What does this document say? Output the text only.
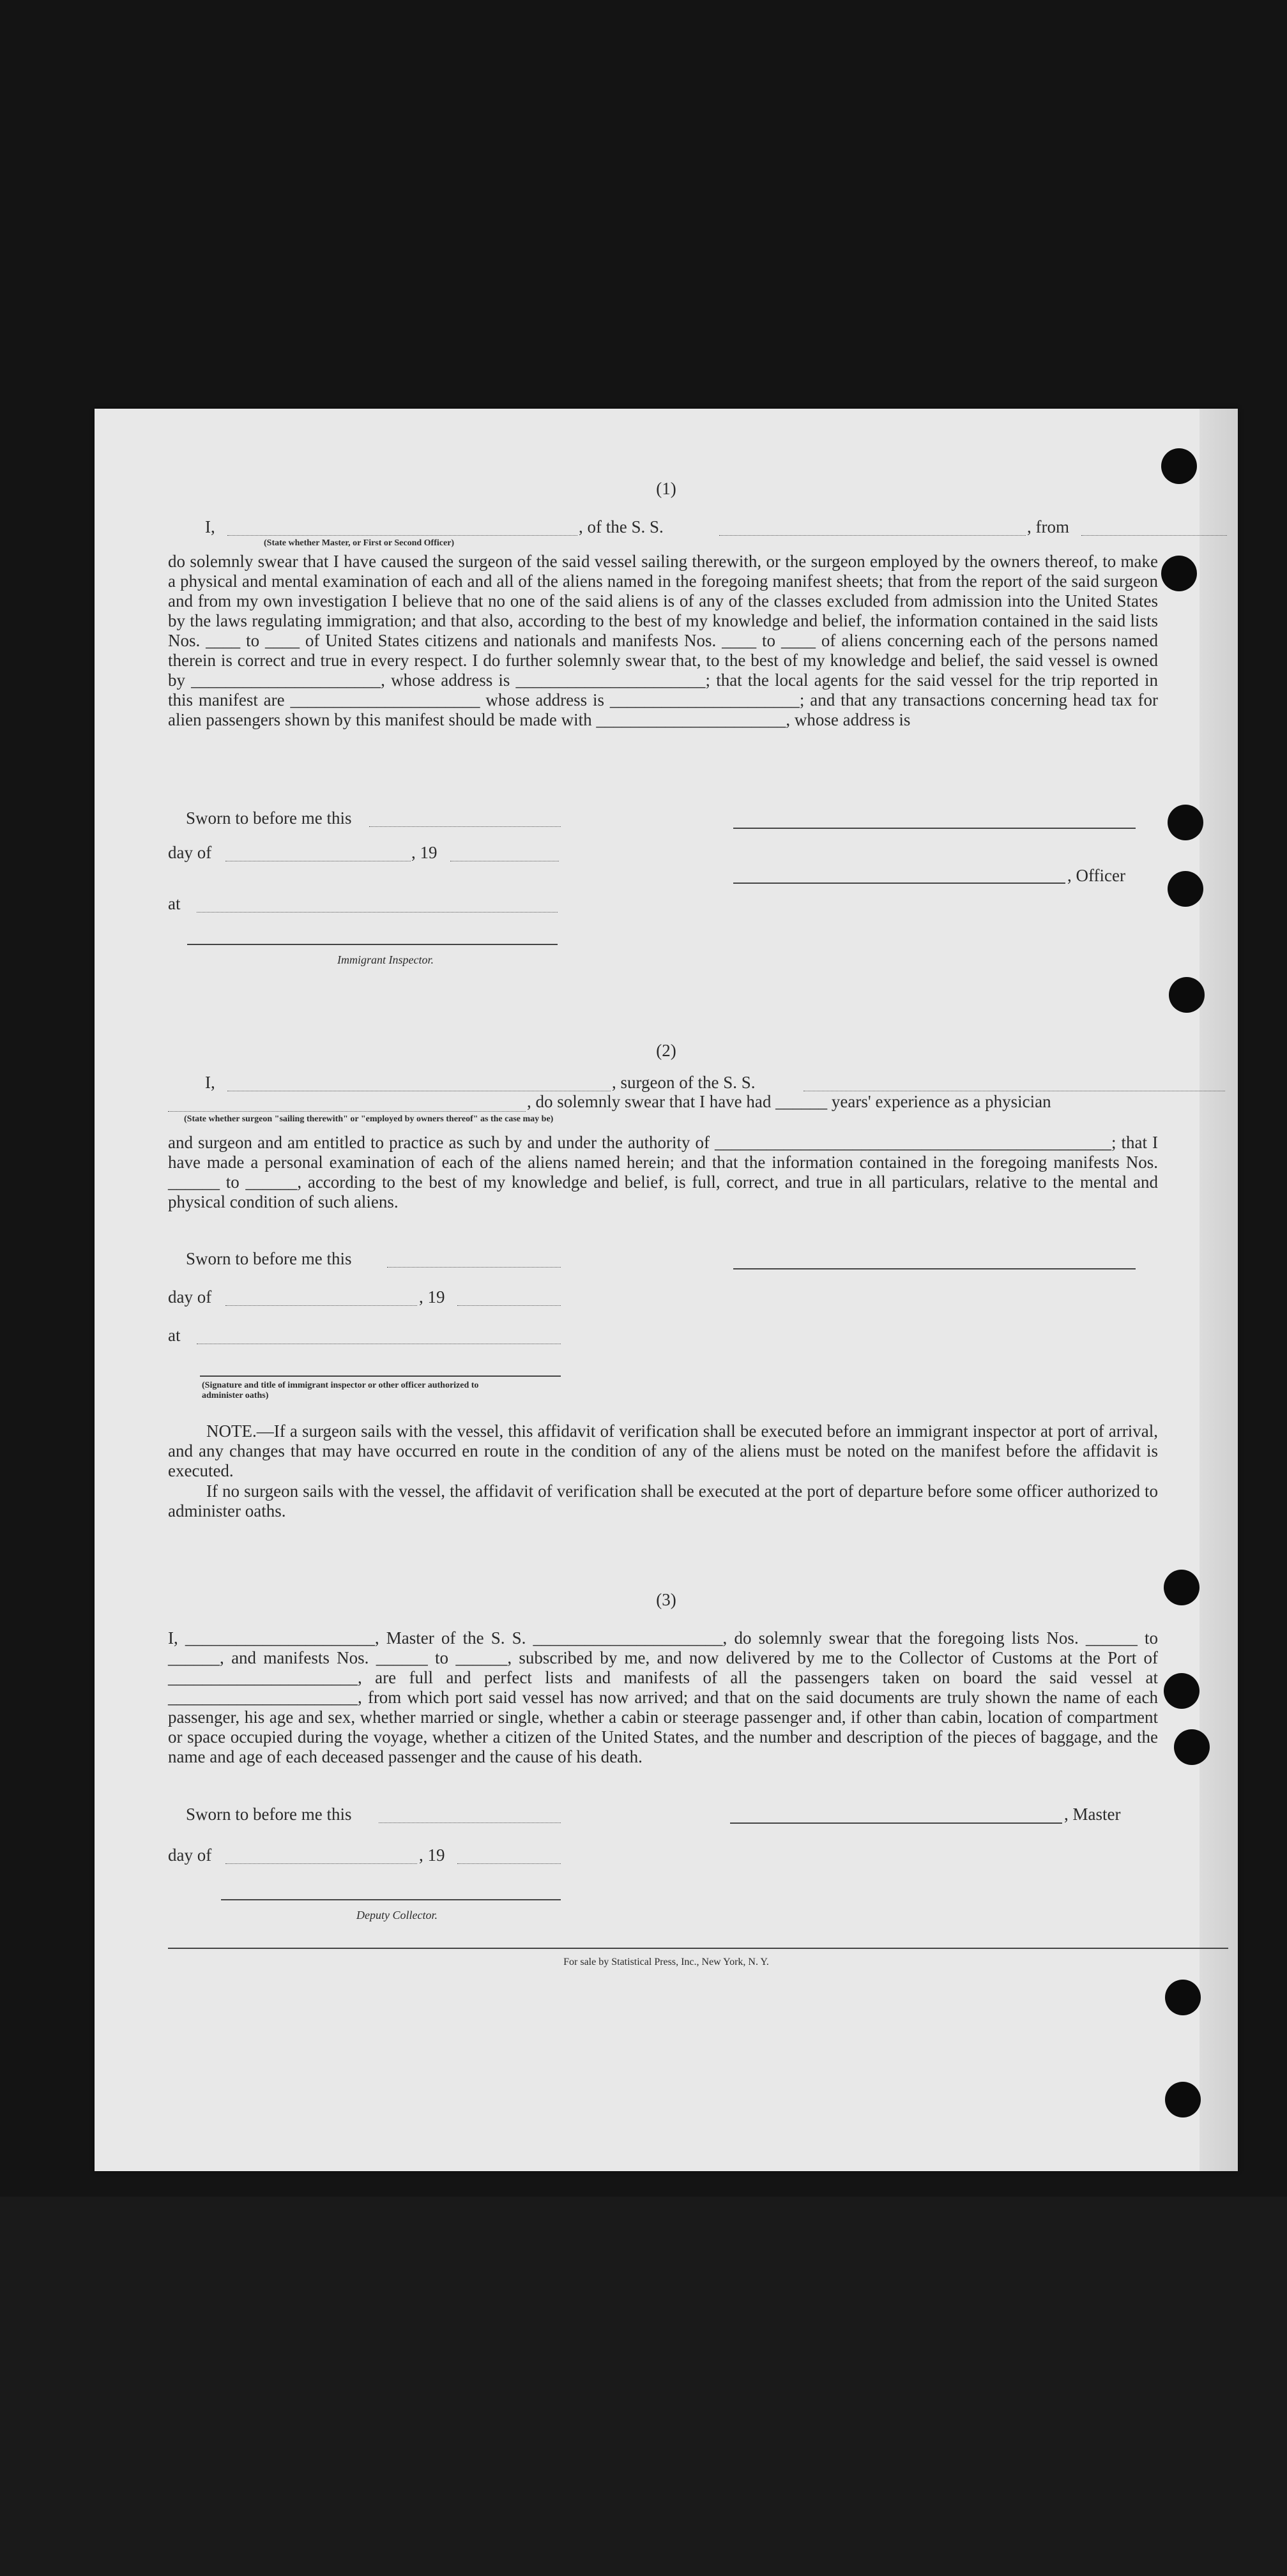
(1)
I,
(State whether Master, or First or Second Officer)
, of the S. S.	, from
do solemnly swear that I have caused the surgeon of the said vessel sailing therewith, or the surgeon employed by the owners thereof, to make a physical and mental examination of each and all of the aliens named in the foregoing manifest sheets; that from the report of the said surgeon and from my own investigation I believe that no one of the said aliens is of any of the classes excluded from admission into the United States by the laws regulating immigration; and that also, according to the best of my knowledge and belief, the information contained in the said lists Nos. ____ to ____ of United States citizens and nationals and manifests Nos. ____ to ____ of aliens concerning each of the persons named therein is correct and true in every respect. I do further solemnly swear that, to the best of my knowledge and belief, the said vessel is owned by ______________________, whose address is ______________________; that the local agents for the said vessel for the trip reported in this manifest are ______________________ whose address is ______________________; and that any transactions concerning head tax for alien passengers shown by this manifest should be made with ______________________, whose address is
Sworn to before me this
day of	, 19
, Officer
at
Immigrant Inspector.
(2)
I,	, surgeon of the S. S.
, do solemnly swear that I have had ______ years' experience as a physician
(State whether surgeon "sailing therewith" or "employed by owners thereof" as the case may be)
and surgeon and am entitled to practice as such by and under the authority of ______________________________________________; that I have made a personal examination of each of the aliens named herein; and that the information contained in the foregoing manifests Nos. ______ to ______, according to the best of my knowledge and belief, is full, correct, and true in all particulars, relative to the mental and physical condition of such aliens.
Sworn to before me this
day of	, 19
at
(Signature and title of immigrant inspector or other officer authorized to administer oaths)
NOTE.—If a surgeon sails with the vessel, this affidavit of verification shall be executed before an immigrant inspector at port of arrival, and any changes that may have occurred en route in the condition of any of the aliens must be noted on the manifest before the affidavit is executed.
If no surgeon sails with the vessel, the affidavit of verification shall be executed at the port of departure before some officer authorized to administer oaths.
(3)
I, ______________________, Master of the S. S. ______________________, do solemnly swear that the foregoing lists Nos. ______ to ______, and manifests Nos. ______ to ______, subscribed by me, and now delivered by me to the Collector of Customs at the Port of ______________________, are full and perfect lists and manifests of all the passengers taken on board the said vessel at ______________________, from which port said vessel has now arrived; and that on the said documents are truly shown the name of each passenger, his age and sex, whether married or single, whether a cabin or steerage passenger and, if other than cabin, location of compartment or space occupied during the voyage, whether a citizen of the United States, and the number and description of the pieces of baggage, and the name and age of each deceased passenger and the cause of his death.
Sworn to before me this	, Master
day of	, 19
Deputy Collector.
For sale by Statistical Press, Inc., New York, N. Y.
